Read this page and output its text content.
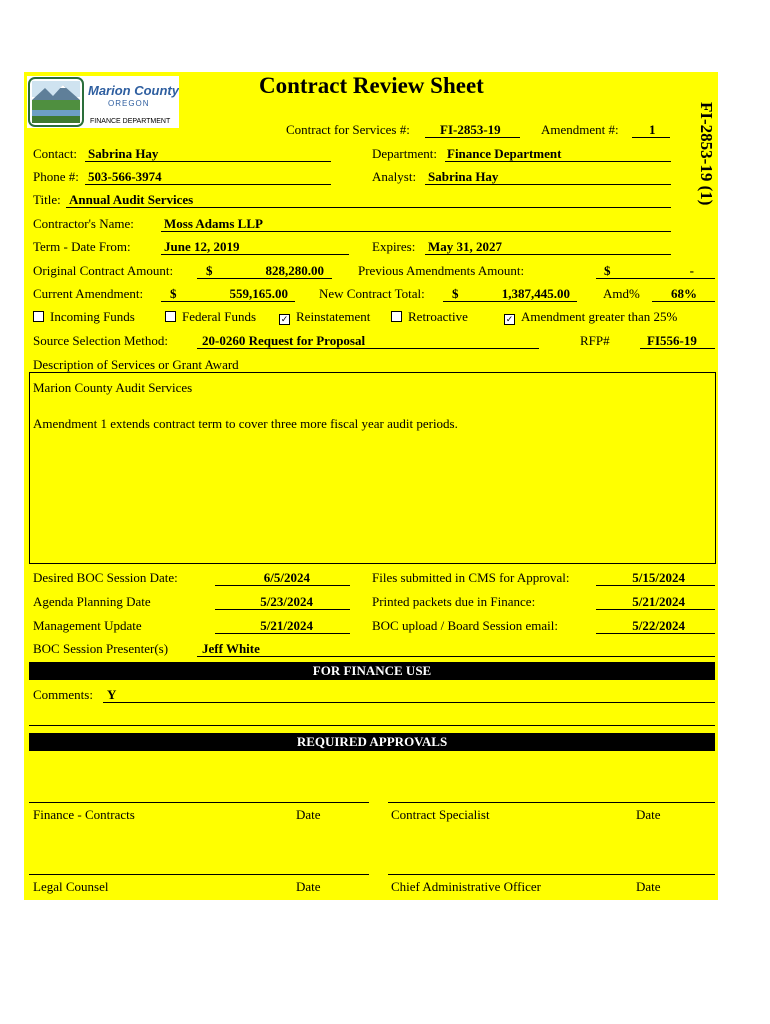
Marion County
OREGON
FINANCE DEPARTMENT
Contract Review Sheet
FI-2853-19 (1)
Contract for Services #: FI-2853-19	Amendment #: 1
Contact: Sabrina Hay	Department: Finance Department
Phone #: 503-566-3974	Analyst: Sabrina Hay
Title: Annual Audit Services
Contractor's Name: Moss Adams LLP
Term - Date From:	June 12, 2019	Expires: May 31, 2027
Original Contract Amount:	$	828,280.00	Previous Amendments Amount:	$	-
Current Amendment: $	559,165.00 New Contract Total: $	1,387,445.00	Amd%	68%
Incoming Funds	Federal Funds	✓ Reinstatement	Retroactive	✓ Amendment greater than 25%
Source Selection Method:	20-0260 Request for Proposal	RFP#	FI556-19
Description of Services or Grant Award
Marion County Audit Services
Amendment 1 extends contract term to cover three more fiscal year audit periods.
Desired BOC Session Date:	6/5/2024	Files submitted in CMS for Approval:	5/15/2024
Agenda Planning Date	5/23/2024	Printed packets due in Finance:	5/21/2024
Management Update	5/21/2024	BOC upload / Board Session email:	5/22/2024
BOC Session Presenter(s)	Jeff White
FOR FINANCE USE
Comments: Y
REQUIRED APPROVALS
Finance - Contracts	Date	Contract Specialist	Date
Legal Counsel	Date	Chief Administrative Officer	Date
